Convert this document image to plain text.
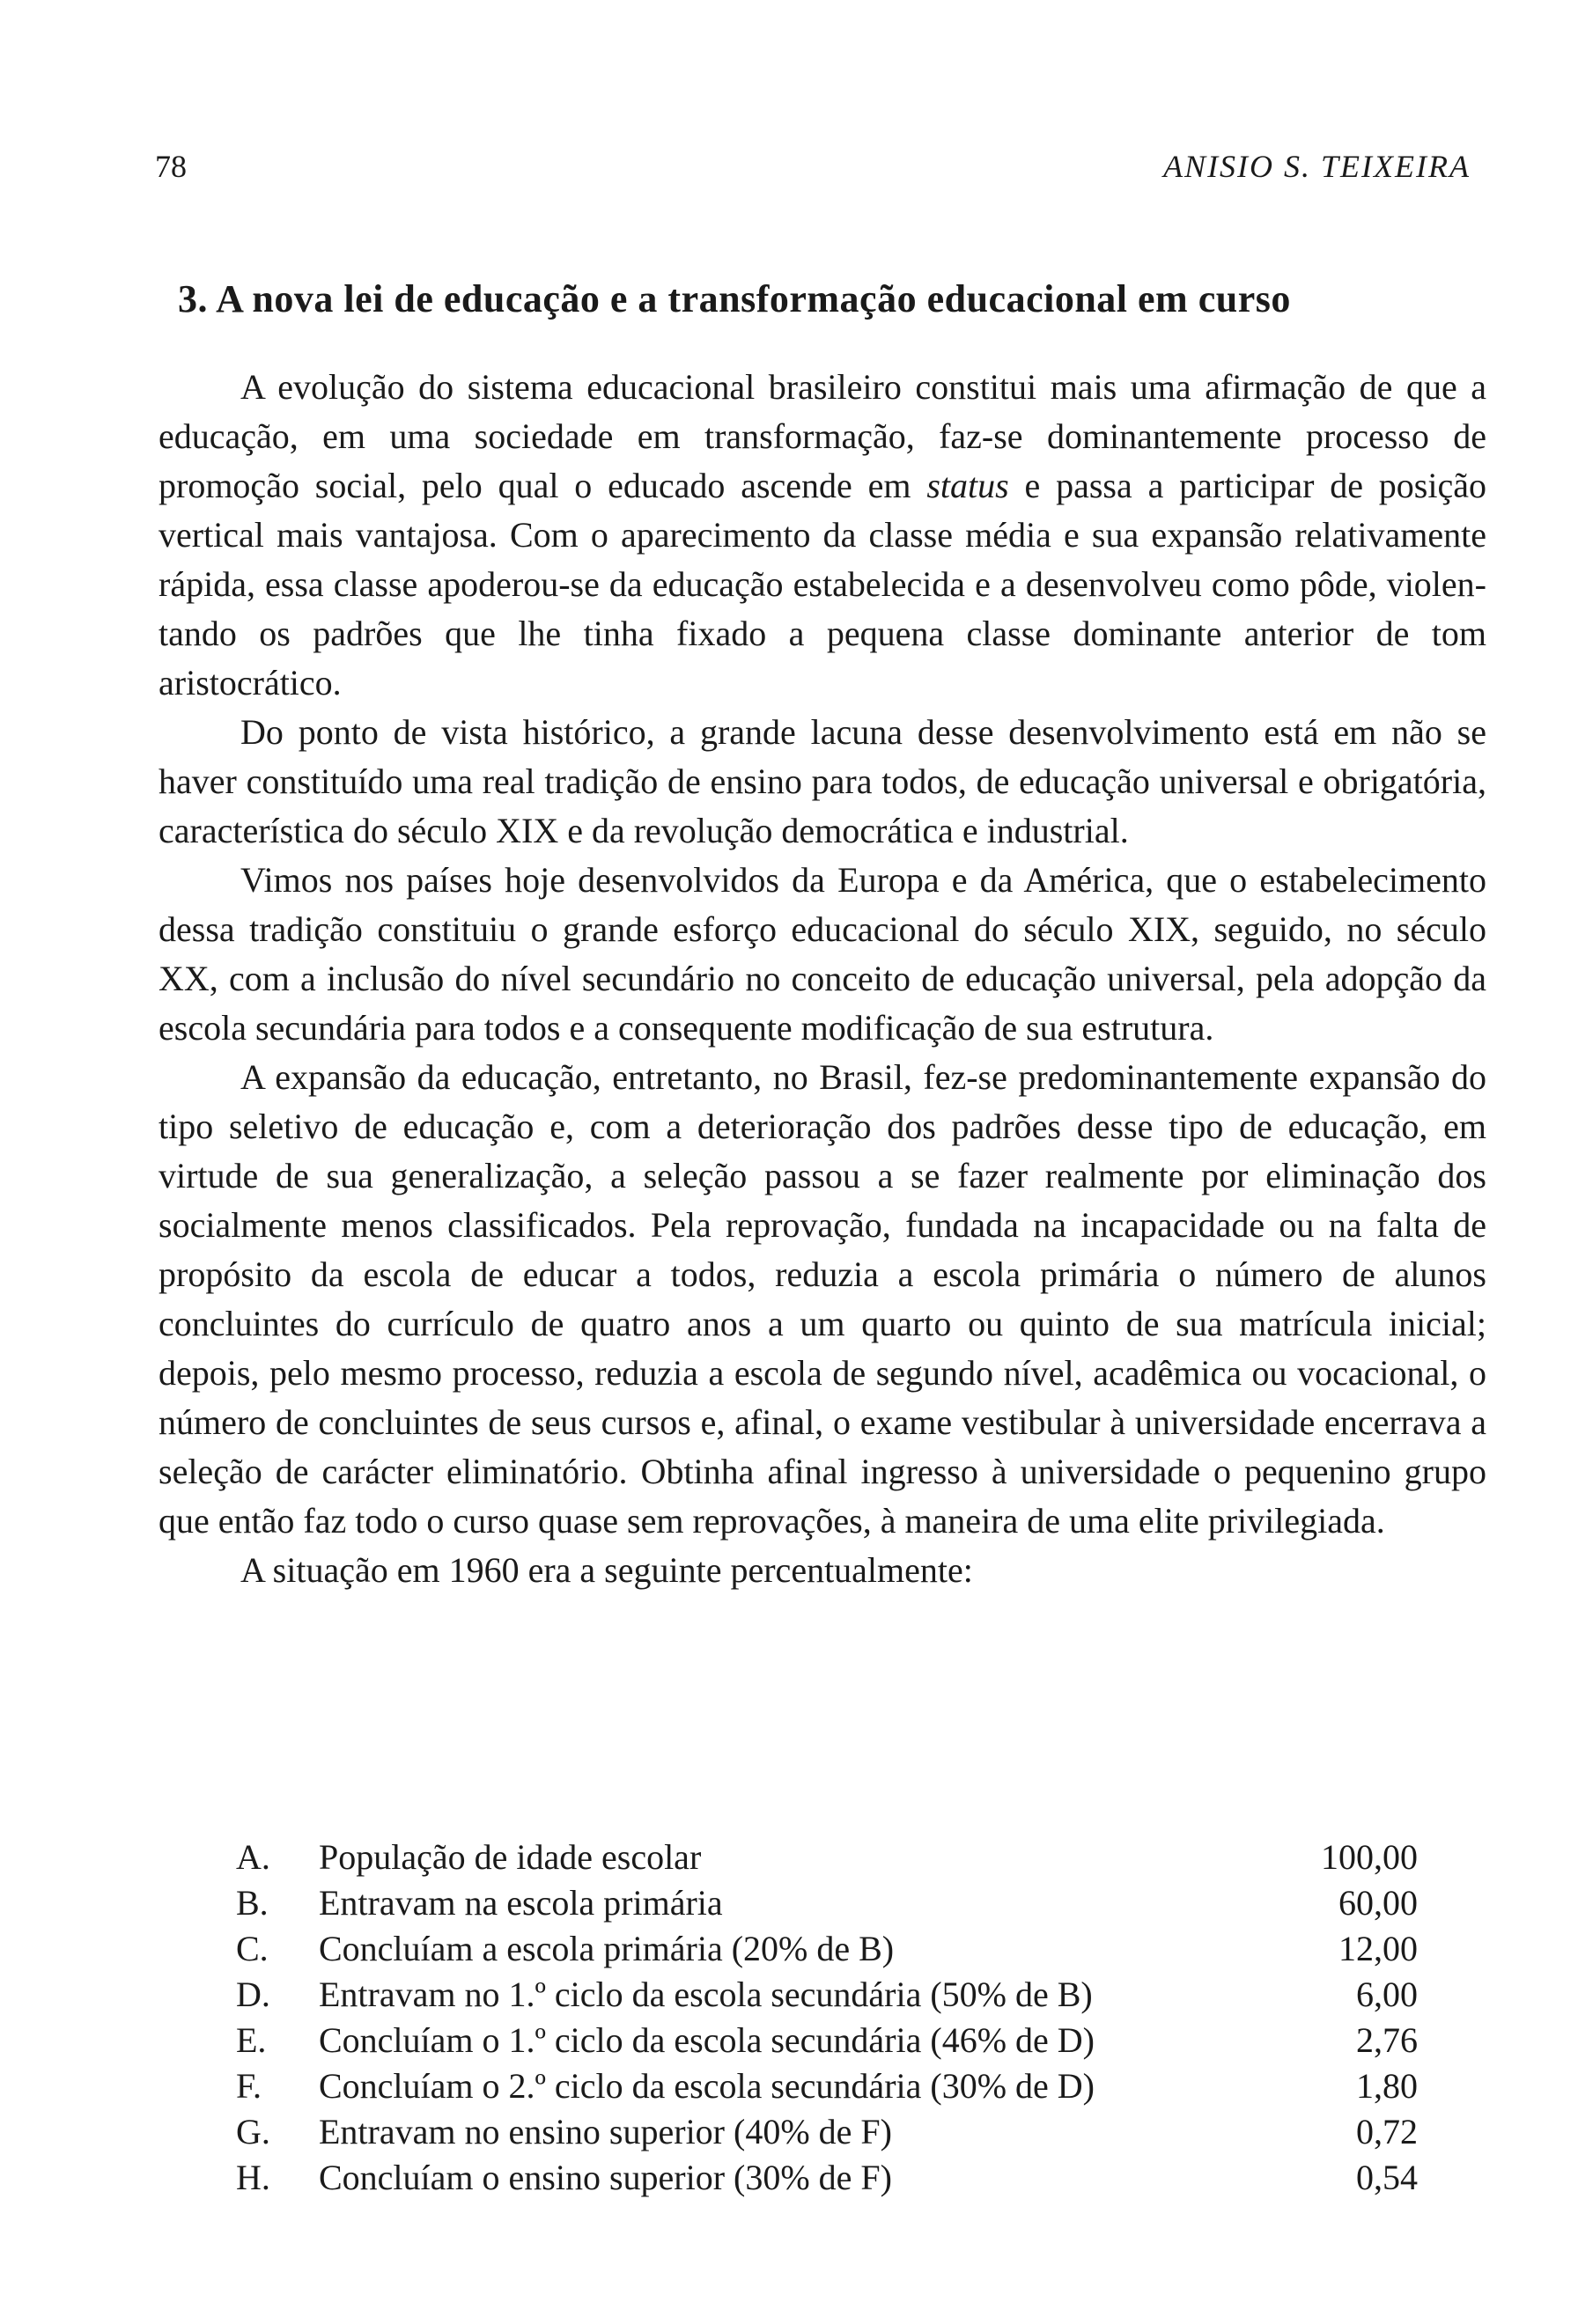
78	ANISIO S. TEIXEIRA
3. A nova lei de educação e a transformação educacional em curso

A evolução do sistema educacional brasileiro constitui mais uma afirmação de que a educação, em uma sociedade em transformação, faz-se dominantemente processo de promoção social, pelo qual o educado ascende em status e passa a participar de posição vertical mais vantajosa. Com o aparecimento da classe média e sua expansão relativamente rápida, essa classe apoderou-se da educação estabelecida e a desenvolveu como pôde, violentando os padrões que lhe tinha fixado a pequena classe dominante anterior de tom aristocrático.

Do ponto de vista histórico, a grande lacuna desse desenvolvimento está em não se haver constituído uma real tradição de ensino para todos, de educação universal e obrigatória, característica do século XIX e da revolução democrática e industrial.

Vimos nos países hoje desenvolvidos da Europa e da América, que o estabelecimento dessa tradição constituiu o grande esforço educacional do século XIX, seguido, no século XX, com a inclusão do nível secundário no conceito de educação universal, pela adopção da escola secundária para todos e a consequente modificação de sua estrutura.

A expansão da educação, entretanto, no Brasil, fez-se predominantemente expansão do tipo seletivo de educação e, com a deterioração dos padrões desse tipo de educação, em virtude de sua generalização, a seleção passou a se fazer realmente por eliminação dos socialmente menos classificados. Pela reprovação, fundada na incapacidade ou na falta de propósito da escola de educar a todos, reduzia a escola primária o número de alunos concluintes do currículo de quatro anos a um quarto ou quinto de sua matrícula inicial; depois, pelo mesmo processo, reduzia a escola de segundo nível, acadêmica ou vocacional, o número de concluintes de seus cursos e, afinal, o exame vestibular à universidade encerrava a seleção de carácter eliminatório. Obtinha afinal ingresso à universidade o pequenino grupo que então faz todo o curso quase sem reprovações, à maneira de uma elite privilegiada.

A situação em 1960 era a seguinte percentualmente:

A.	População de idade escolar	100,00
B.	Entravam na escola primária	60,00
C.	Concluíam a escola primária (20% de B)	12,00
D.	Entravam no 1.º ciclo da escola secundária (50% de B)	6,00
E.	Concluíam o 1.º ciclo da escola secundária (46% de D)	2,76
F.	Concluíam o 2.º ciclo da escola secundária (30% de D)	1,80
G.	Entravam no ensino superior (40% de F)	0,72
H.	Concluíam o ensino superior (30% de F)	0,54
